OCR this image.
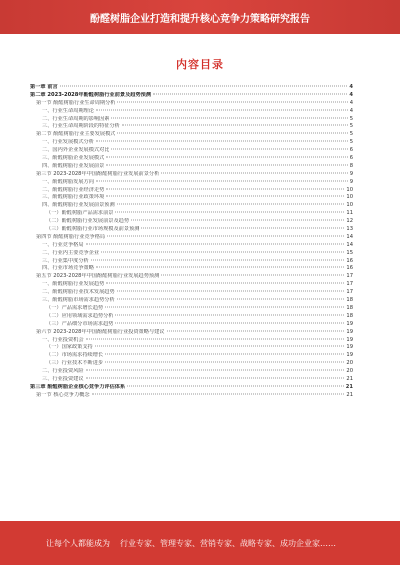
酚醛树脂企业打造和提升核心竞争力策略研究报告
内容目录
第一章 前言	4
第二章 2023-2028年酚醛树脂行业前景及趋势预测	4
第一节 酚醛树脂行业生命周期分析	4
一、行业生命周期理论	4
二、行业生命周期的影响因素	5
三、行业生命周期阶段的特征分析	5
第二节 酚醛树脂行业主要发展模式	5
一、行业发展模式分析	5
二、国内外企业发展模式对比	6
三、酚醛树脂企业发展模式	6
四、酚醛树脂行业发展前景	8
第三节 2023-2028年中国酚醛树脂行业发展前景分析	9
一、酚醛树脂发展方向	9
二、酚醛树脂行业经济走势	10
三、酚醛树脂行业政策环境	10
四、酚醛树脂行业发展前景预测	10
（一）酚醛树脂产品需求前景	11
（二）酚醛树脂行业发展前景及趋势	12
（三）酚醛树脂行业市场规模及前景预测	13
第四节 酚醛树脂行业竞争格局	14
一、行业竞争格局	14
二、行业内主要竞争企业	15
三、行业集中度分析	16
四、行业市场竞争策略	16
第五节 2023-2028年中国酚醛树脂行业发展趋势预测	17
一、酚醛树脂行业发展趋势	17
二、酚醛树脂行业技术发展趋势	17
三、酚醛树脂市场需求趋势分析	18
（一）产品需求增长趋势	18
（二）应用领域需求趋势分析	18
（三）产品细分市场需求趋势	19
第六节 2023-2028年中国酚醛树脂行业投资策略与建议	19
一、行业投资机会	19
（一）国家政策支持	19
（二）市场需求持续增长	19
（三）行业技术不断进步	20
二、行业投资风险	20
三、行业投资建议	21
第三章 酚醛树脂企业核心竞争力评估体系	21
第一节 核心竞争力概念	21
让每个人都能成为 行业专家、管理专家、营销专家、战略专家、成功企业家……
